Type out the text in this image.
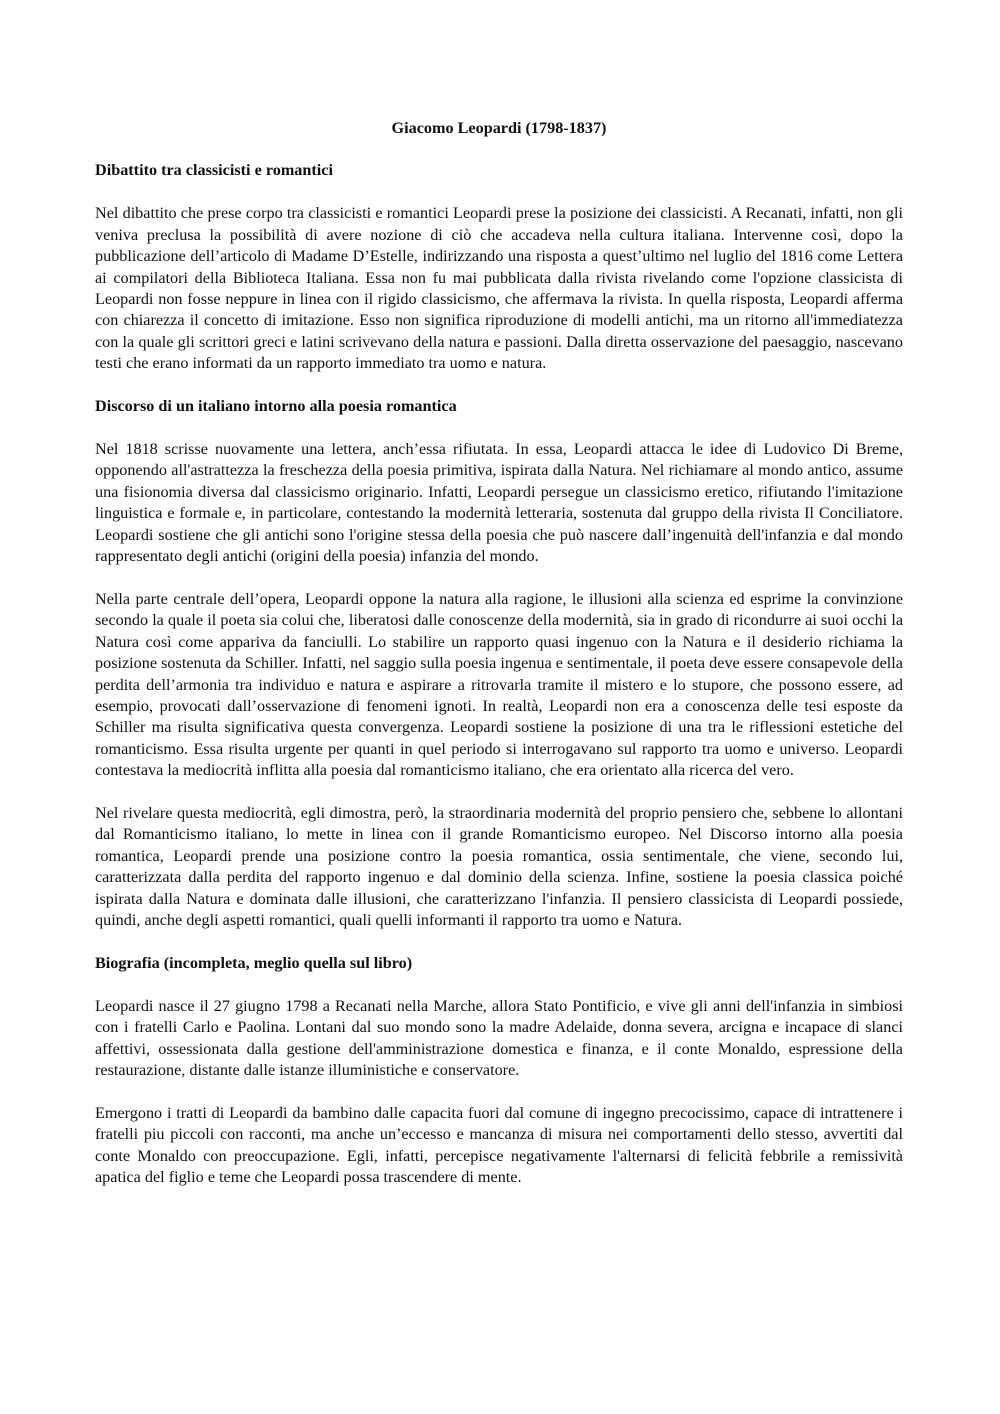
Giacomo Leopardi (1798-1837)
Dibattito tra classicisti e romantici

Nel dibattito che prese corpo tra classicisti e romantici Leopardi prese la posizione dei classicisti. A Recanati, infatti, non gli veniva preclusa la possibilità di avere nozione di ciò che accadeva nella cultura italiana. Intervenne così, dopo la pubblicazione dell’articolo di Madame D’Estelle, indirizzando una risposta a quest’ultimo nel luglio del 1816 come Lettera ai compilatori della Biblioteca Italiana. Essa non fu mai pubblicata dalla rivista rivelando come l'opzione classicista di Leopardi non fosse neppure in linea con il rigido classicismo, che affermava la rivista. In quella risposta, Leopardi afferma con chiarezza il concetto di imitazione. Esso non significa riproduzione di modelli antichi, ma un ritorno all'immediatezza con la quale gli scrittori greci e latini scrivevano della natura e passioni. Dalla diretta osservazione del paesaggio, nascevano testi che erano informati da un rapporto immediato tra uomo e natura.

Discorso di un italiano intorno alla poesia romantica

Nel 1818 scrisse nuovamente una lettera, anch’essa rifiutata. In essa, Leopardi attacca le idee di Ludovico Di Breme, opponendo all'astrattezza la freschezza della poesia primitiva, ispirata dalla Natura. Nel richiamare al mondo antico, assume una fisionomia diversa dal classicismo originario. Infatti, Leopardi persegue un classicismo eretico, rifiutando l'imitazione linguistica e formale e, in particolare, contestando la modernità letteraria, sostenuta dal gruppo della rivista Il Conciliatore. Leopardi sostiene che gli antichi sono l'origine stessa della poesia che può nascere dall’ingenuità dell'infanzia e dal mondo rappresentato degli antichi (origini della poesia) infanzia del mondo.

Nella parte centrale dell’opera, Leopardi oppone la natura alla ragione, le illusioni alla scienza ed esprime la convinzione secondo la quale il poeta sia colui che, liberatosi dalle conoscenze della modernità, sia in grado di ricondurre ai suoi occhi la Natura così come appariva da fanciulli. Lo stabilire un rapporto quasi ingenuo con la Natura e il desiderio richiama la posizione sostenuta da Schiller. Infatti, nel saggio sulla poesia ingenua e sentimentale, il poeta deve essere consapevole della perdita dell’armonia tra individuo e natura e aspirare a ritrovarla tramite il mistero e lo stupore, che possono essere, ad esempio, provocati dall’osservazione di fenomeni ignoti. In realtà, Leopardi non era a conoscenza delle tesi esposte da Schiller ma risulta significativa questa convergenza. Leopardi sostiene la posizione di una tra le riflessioni estetiche del romanticismo. Essa risulta urgente per quanti in quel periodo si interrogavano sul rapporto tra uomo e universo. Leopardi contestava la mediocrità inflitta alla poesia dal romanticismo italiano, che era orientato alla ricerca del vero.

Nel rivelare questa mediocrità, egli dimostra, però, la straordinaria modernità del proprio pensiero che, sebbene lo allontani dal Romanticismo italiano, lo mette in linea con il grande Romanticismo europeo. Nel Discorso intorno alla poesia romantica, Leopardi prende una posizione contro la poesia romantica, ossia sentimentale, che viene, secondo lui, caratterizzata dalla perdita del rapporto ingenuo e dal dominio della scienza. Infine, sostiene la poesia classica poiché ispirata dalla Natura e dominata dalle illusioni, che caratterizzano l'infanzia. Il pensiero classicista di Leopardi possiede, quindi, anche degli aspetti romantici, quali quelli informanti il rapporto tra uomo e Natura.

Biografia (incompleta, meglio quella sul libro)

Leopardi nasce il 27 giugno 1798 a Recanati nella Marche, allora Stato Pontificio, e vive gli anni dell'infanzia in simbiosi con i fratelli Carlo e Paolina. Lontani dal suo mondo sono la madre Adelaide, donna severa, arcigna e incapace di slanci affettivi, ossessionata dalla gestione dell'amministrazione domestica e finanza, e il conte Monaldo, espressione della restaurazione, distante dalle istanze illuministiche e conservatore.

Emergono i tratti di Leopardi da bambino dalle capacita fuori dal comune di ingegno precocissimo, capace di intrattenere i fratelli piu piccoli con racconti, ma anche un’eccesso e mancanza di misura nei comportamenti dello stesso, avvertiti dal conte Monaldo con preoccupazione. Egli, infatti, percepisce negativamente l'alternarsi di felicità febbrile a remissività apatica del figlio e teme che Leopardi possa trascendere di mente.
